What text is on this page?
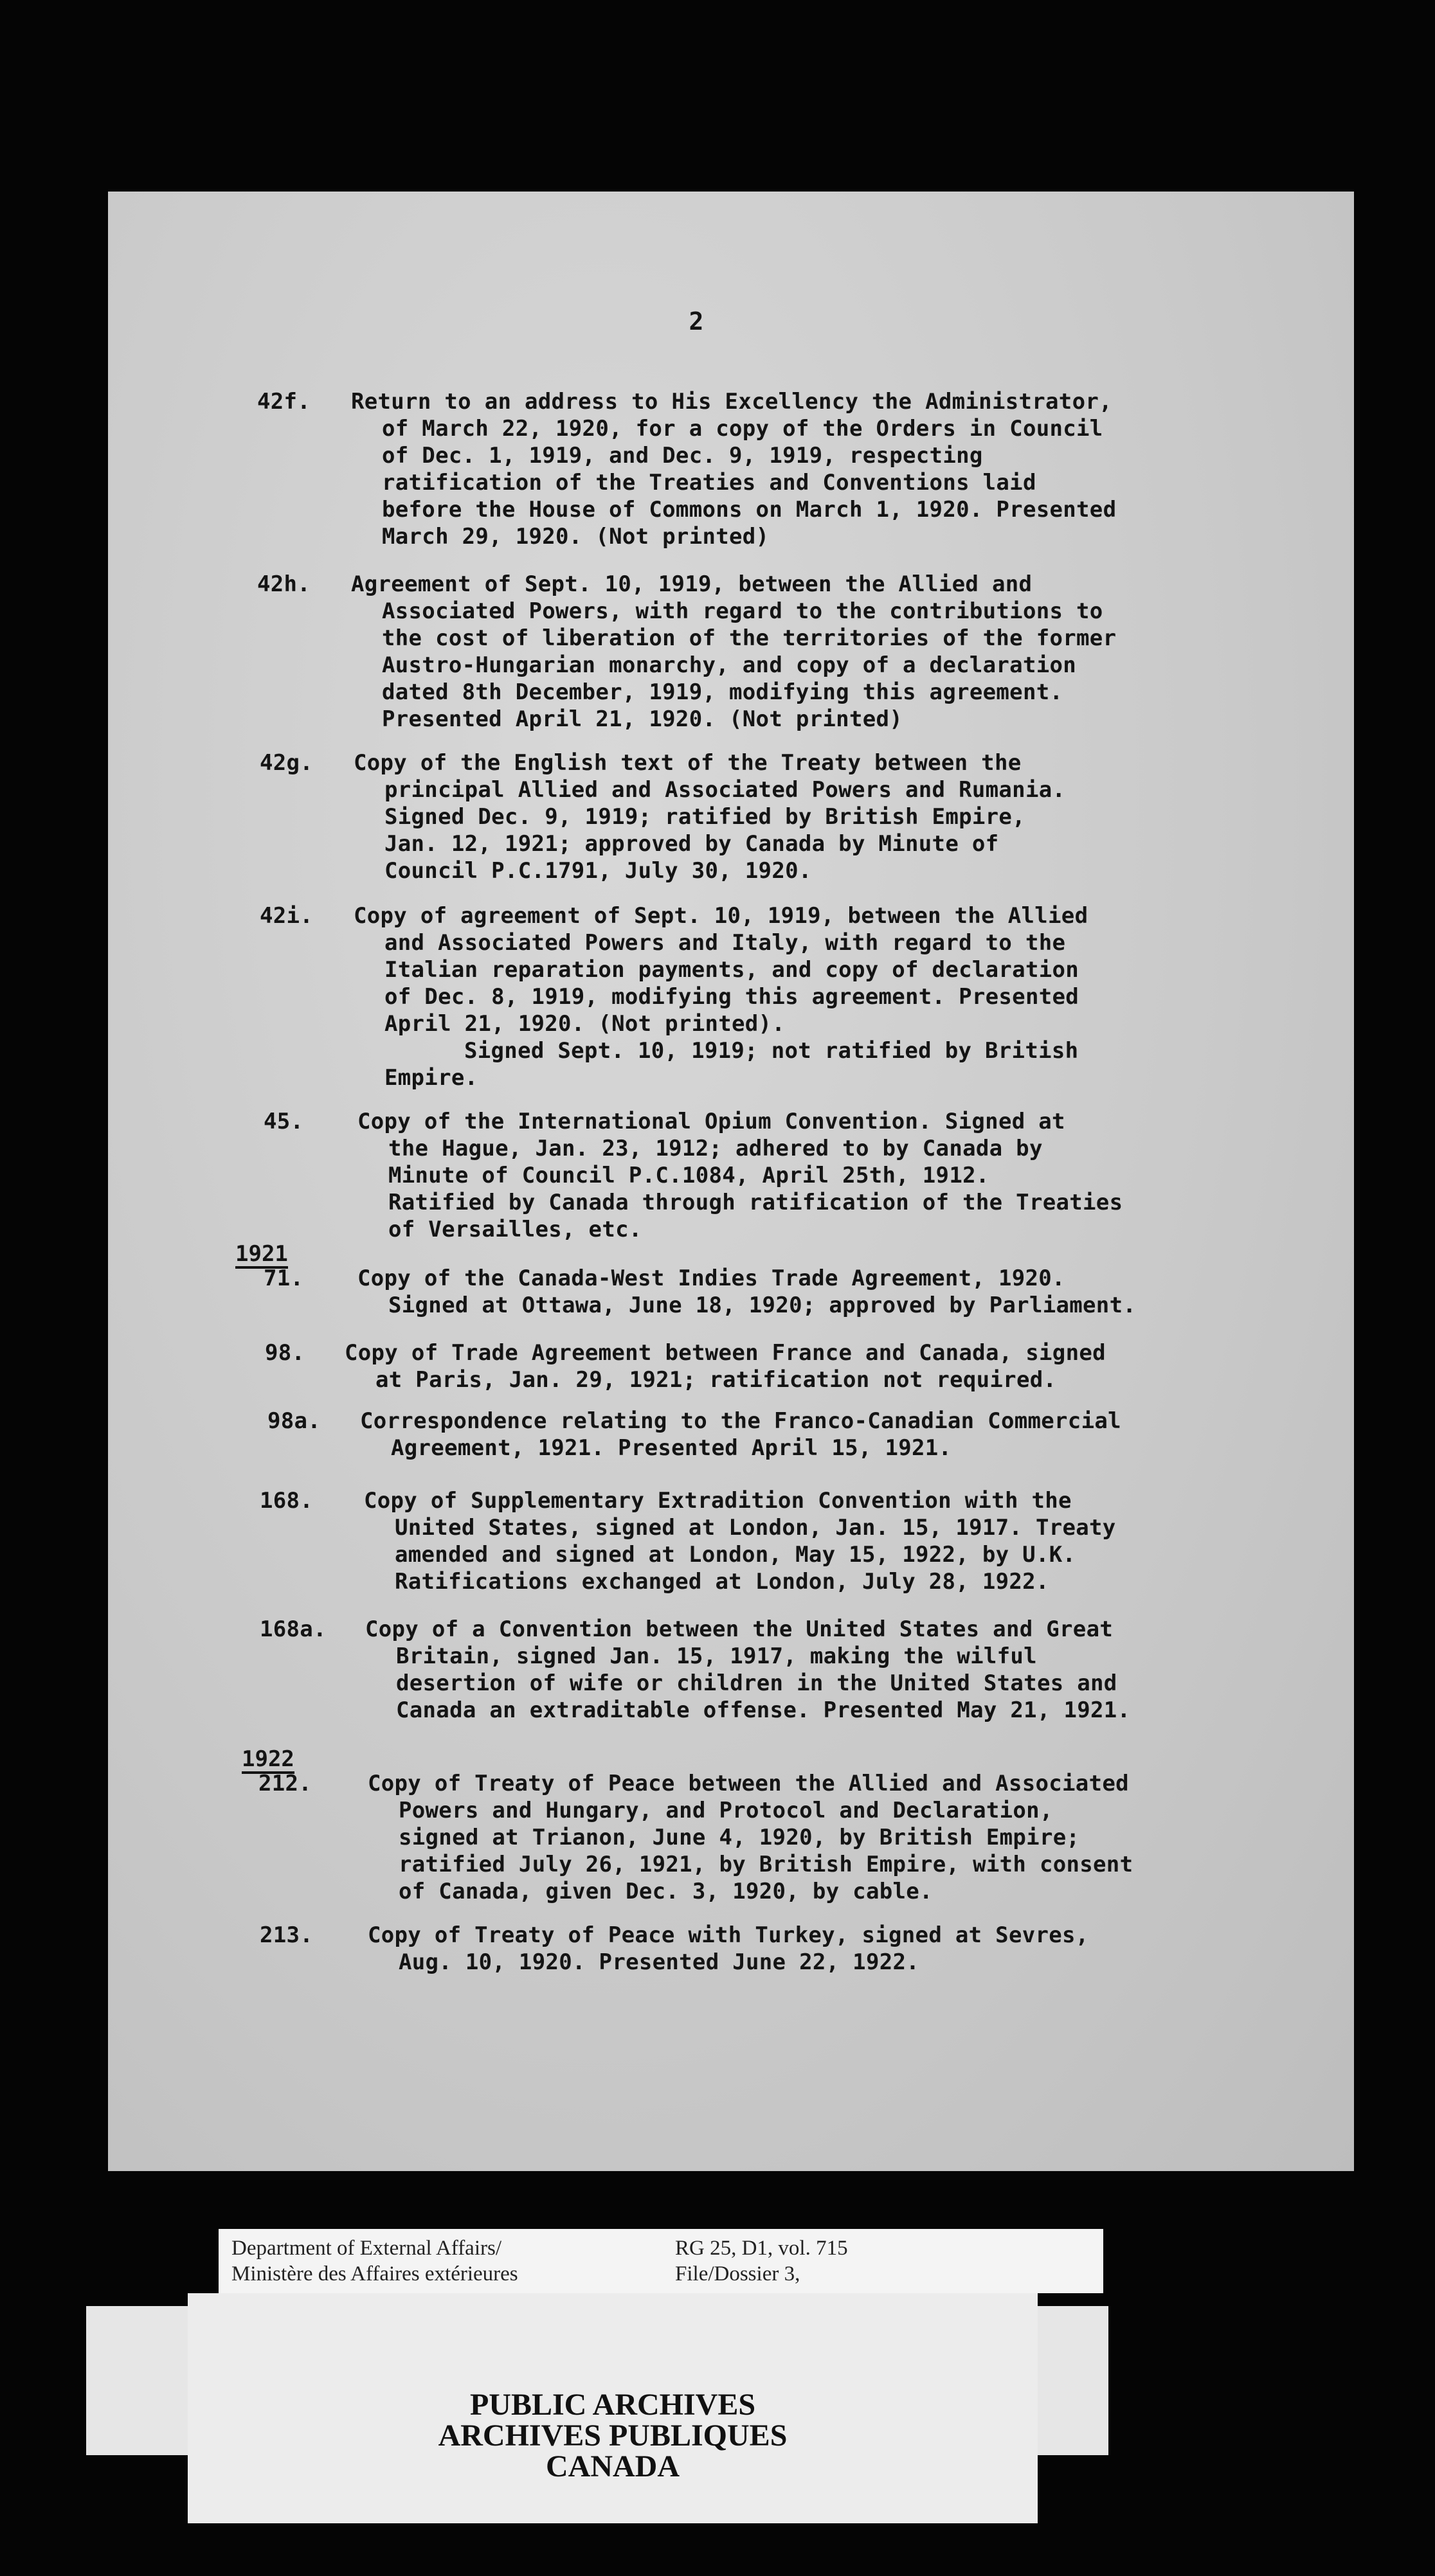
2
42f. Return to an address to His Excellency the Administrator,
of March 22, 1920, for a copy of the Orders in Council
of Dec. 1, 1919, and Dec. 9, 1919, respecting
ratification of the Treaties and Conventions laid
before the House of Commons on March 1, 1920. Presented
March 29, 1920. (Not printed)
42h. Agreement of Sept. 10, 1919, between the Allied and
Associated Powers, with regard to the contributions to
the cost of liberation of the territories of the former
Austro-Hungarian monarchy, and copy of a declaration
dated 8th December, 1919, modifying this agreement.
Presented April 21, 1920. (Not printed)
42g. Copy of the English text of the Treaty between the
principal Allied and Associated Powers and Rumania.
Signed Dec. 9, 1919; ratified by British Empire,
Jan. 12, 1921; approved by Canada by Minute of
Council P.C.1791, July 30, 1920.
42i. Copy of agreement of Sept. 10, 1919, between the Allied
and Associated Powers and Italy, with regard to the
Italian reparation payments, and copy of declaration
of Dec. 8, 1919, modifying this agreement. Presented
April 21, 1920. (Not printed).
Signed Sept. 10, 1919; not ratified by British
Empire.
45. Copy of the International Opium Convention. Signed at
the Hague, Jan. 23, 1912; adhered to by Canada by
Minute of Council P.C.1084, April 25th, 1912.
Ratified by Canada through ratification of the Treaties
of Versailles, etc.
1921
71. Copy of the Canada-West Indies Trade Agreement, 1920.
Signed at Ottawa, June 18, 1920; approved by Parliament.
98. Copy of Trade Agreement between France and Canada, signed
at Paris, Jan. 29, 1921; ratification not required.
98a. Correspondence relating to the Franco-Canadian Commercial
Agreement, 1921. Presented April 15, 1921.
168. Copy of Supplementary Extradition Convention with the
United States, signed at London, Jan. 15, 1917. Treaty
amended and signed at London, May 15, 1922, by U.K.
Ratifications exchanged at London, July 28, 1922.
168a. Copy of a Convention between the United States and Great
Britain, signed Jan. 15, 1917, making the wilful
desertion of wife or children in the United States and
Canada an extraditable offense. Presented May 21, 1921.
1922
212.	Copy of Treaty of Peace between the Allied and Associated
Powers and Hungary, and Protocol and Declaration,
signed at Trianon, June 4, 1920, by British Empire;
ratified July 26, 1921, by British Empire, with consent
of Canada, given Dec. 3, 1920, by cable.
213. Copy of Treaty of Peace with Turkey, signed at Sevres,
Aug. 10, 1920. Presented June 22, 1922.
Department of External Affairs/
Ministère des Affaires extérieures
RG 25, D1, vol. 715
File/Dossier 3,
PUBLIC ARCHIVES
ARCHIVES PUBLIQUES
CANADA
